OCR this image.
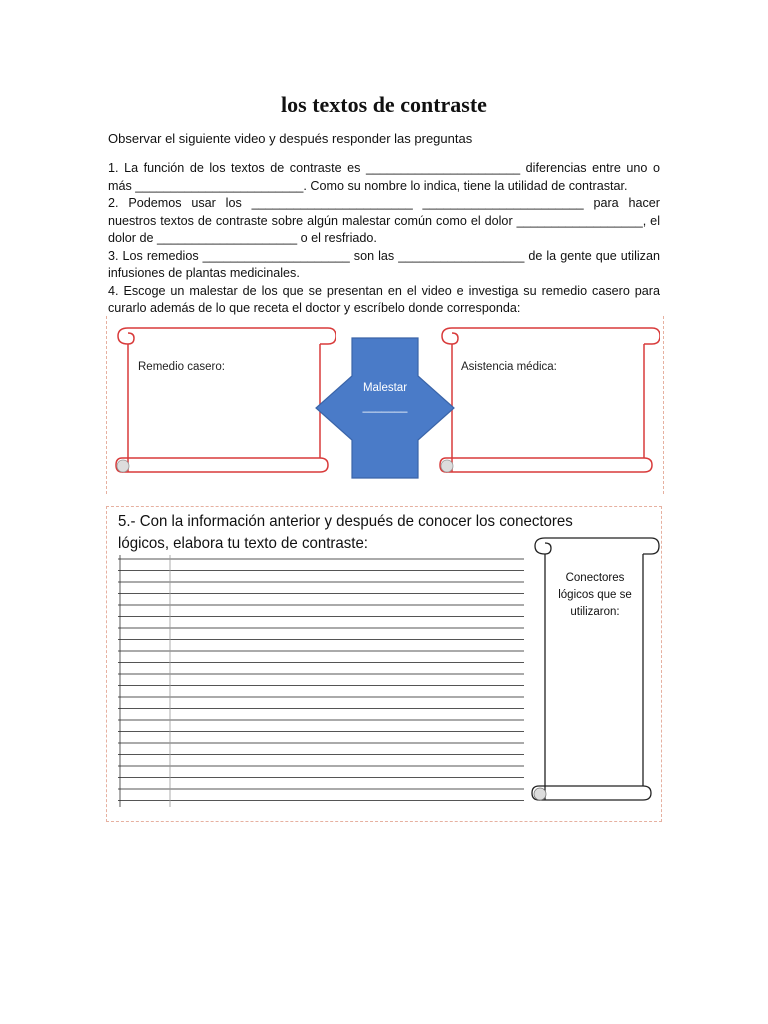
los textos de contraste
Observar el siguiente video y después responder las preguntas
1. La función de los textos de contraste es ______________________ diferencias entre uno o más ________________________. Como su nombre lo indica, tiene la utilidad de contrastar.
2. Podemos usar los _______________________ _______________________ para hacer nuestros textos de contraste sobre algún malestar común como el dolor __________________, el dolor de ____________________ o el resfriado.
3. Los remedios _____________________ son las __________________ de la gente que utilizan infusiones de plantas medicinales.
4. Escoge un malestar de los que se presentan en el video e investiga su remedio casero para curarlo además de lo que receta el doctor y escríbelo donde corresponda:
Remedio casero:	Asistencia médica:
Malestar
_______
5.- Con la información anterior y después de conocer los conectores lógicos, elabora tu texto de contraste:
Conectores
lógicos que se
utilizaron:
